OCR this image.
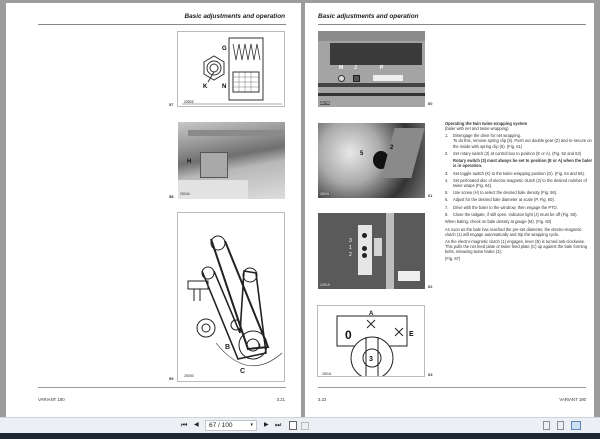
Basic adjustments and operation
G
K N
22522
57
H
25044
58
B
C
1
28050
59
VARIANT 180	3.21
Basic adjustments and operation
M J	P
25795	60
5
2
28051	61
3
1
2
22515	62
0
A
E
3
28041	63

Operating the twin twine wrapping system
(baler with net and twine wrapping)

1.	Disengage the drive for net wrapping.

To do this, remove spring clip (5). Push out double gear (Z) and re-secure on the inside with spring clip (5). (Fig. 61)

2.	Set rotary switch (3) at control box to position (E or A). (Fig. 62 and 63)

Rotary switch (3) must always be set to position (E or A) when the baler is in operation.

3.	Set toggle switch (K) to the twine wrapping position (G). (Fig. 64 and 66).

4.	Set perforated disc of electro-magnetic clutch (2) to the desired number of twine wraps (Fig. 64).

5.	Use screw (H) to select the desired bale density (Fig. 58).

6.	Adjust for the desired bale diameter at scale (P, Fig. 60).

7.	Drive with the baler to the windrow, then engage the PTO.

8.	Close the tailgate, if still open. Indicator light (J) must be off (Fig. 60).

When baling, check on bale density at gauge (M). (Fig. 60)

As soon as the bale has reached the pre-set diameter, the electro-magnetic clutch (1) will engage automatically and trip the wrapping cycle.

As the electro-magnetic clutch (1) engages, lever (B) is turned anti-clockwise. This pulls the net feed plate or twine feed plate (C) up against the bale forming belts, releasing twine brake (3).

(Fig. 67)

3.22	VARIANT 180
⏮ ◀	67 / 100	▾ ▶ ⏭
